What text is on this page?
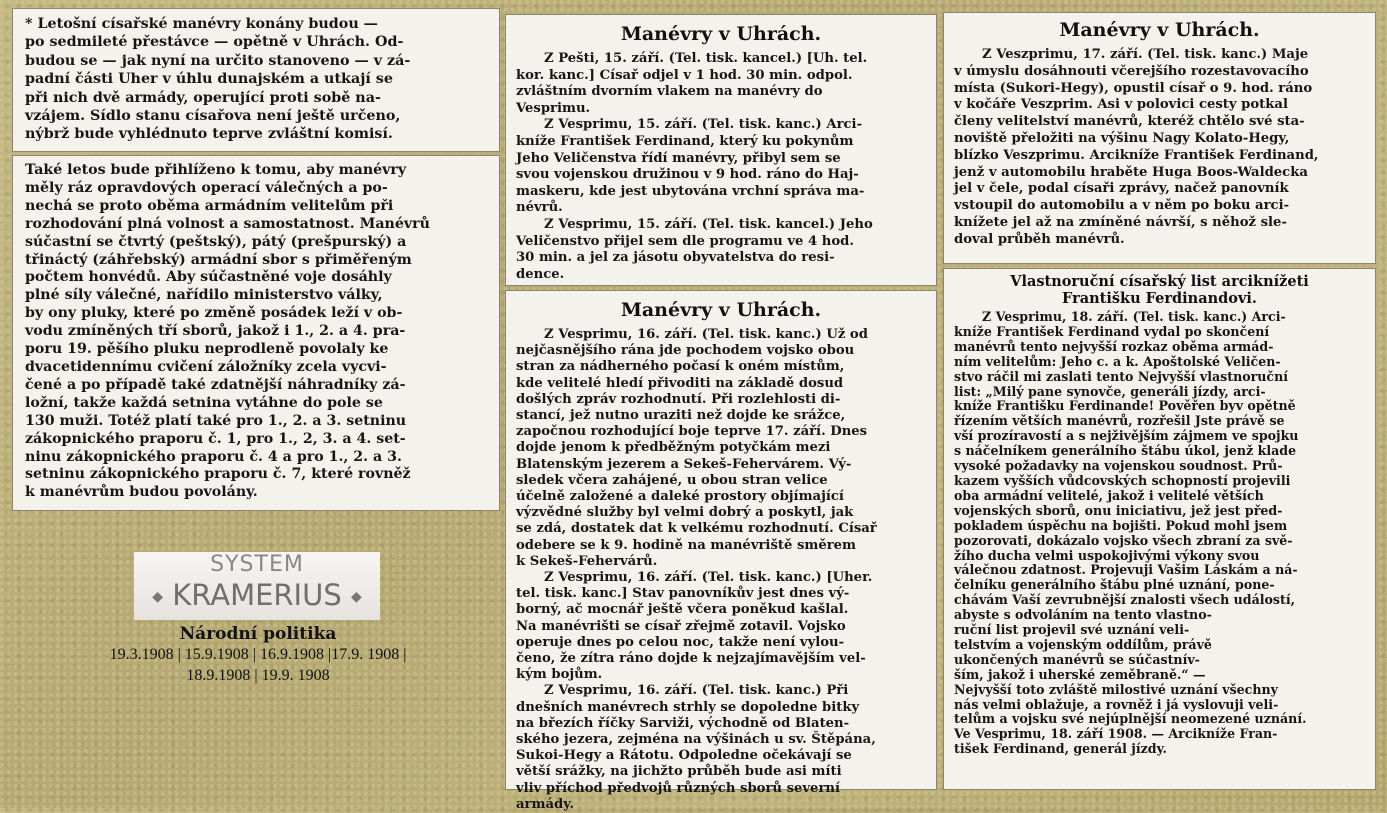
* Letošní císařské manévry konány budou —
po sedmileté přestávce — opětně v Uhrách. Od-
budou se — jak nyní na určito stanoveno — v zá-
padní části Uher v úhlu dunajském a utkají se
při nich dvě armády, operující proti sobě na-
vzájem. Sídlo stanu císařova není ještě určeno,
nýbrž bude vyhlédnuto teprve zvláštní komisí.

Také letos bude přihlíženo k tomu, aby manévry
měly ráz opravdových operací válečných a po-
nechá se proto oběma armádním velitelům při
rozhodování plná volnost a samostatnost. Manévrů
súčastní se čtvrtý (peštský), pátý (prešpurský) a
třináctý (záhřebský) armádní sbor s přiměřeným
počtem honvédů. Aby súčastněné voje dosáhly
plné síly válečné, nařídilo ministerstvo války,
by ony pluky, které po změně posádek leží v ob-
vodu zmíněných tří sborů, jakož i 1., 2. a 4. pra-
poru 19. pěšího pluku neprodleně povolaly ke
dvacetidennímu cvičení záložníky zcela vycvi-
čené a po případě také zdatnější náhradníky zá-
ložní, takže každá setnina vytáhne do pole se
130 muži. Totéž platí také pro 1., 2. a 3. setninu
zákopnického praporu č. 1, pro 1., 2, 3. a 4. set-
ninu zákopnického praporu č. 4 a pro 1., 2. a 3.
setninu zákopnického praporu č. 7, které rovněž
k manévrům budou povolány.

Manévry v Uhrách.

Z Pešti, 15. září. (Tel. tisk. kancel.) [Uh. tel.
kor. kanc.] Císař odjel v 1 hod. 30 min. odpol.
zvláštním dvorním vlakem na manévry do
Vesprimu.

Z Vesprimu, 15. září. (Tel. tisk. kanc.) Arci-
kníže František Ferdinand, který ku pokynům
Jeho Veličenstva řídí manévry, přibyl sem se
svou vojenskou družinou v 9 hod. ráno do Haj-
maskeru, kde jest ubytována vrchní správa ma-
névrů.

Z Vesprimu, 15. září. (Tel. tisk. kancel.) Jeho
Veličenstvo přijel sem dle programu ve 4 hod.
30 min. a jel za jásotu obyvatelstva do resi-
dence.

Manévry v Uhrách.

Z Vesprimu, 16. září. (Tel. tisk. kanc.) Už od
nejčasnějšího rána jde pochodem vojsko obou
stran za nádherného počasí k oném místům,
kde velitelé hledí přivoditi na základě dosud
došlých zpráv rozhodnutí. Při rozlehlosti di-
stancí, jež nutno uraziti než dojde ke srážce,
započnou rozhodující boje teprve 17. září. Dnes
dojde jenom k předběžným potyčkám mezi
Blatenským jezerem a Sekeš-Fehervárem. Vý-
sledek včera zahájené, u obou stran velice
účelně založené a daleké prostory objímající
výzvědné služby byl velmi dobrý a poskytl, jak
se zdá, dostatek dat k velkému rozhodnutí. Císař
odebere se k 9. hodině na manévriště směrem
k Sekeš-Fehervárů.

Z Vesprimu, 16. září. (Tel. tisk. kanc.) [Uher.
tel. tisk. kanc.] Stav panovníkův jest dnes vý-
borný, ač mocnář ještě včera poněkud kašlal.
Na manévrišti se císař zřejmě zotavil. Vojsko
operuje dnes po celou noc, takže není vylou-
čeno, že zítra ráno dojde k nejzajímavějším vel-
kým bojům.

Z Vesprimu, 16. září. (Tel. tisk. kanc.) Při
dnešních manévrech strhly se dopoledne bitky
na březích říčky Sarviži, východně od Blaten-
ského jezera, zejména na výšinách u sv. Štěpána,
Sukoi-Hegy a Rátotu. Odpoledne očekávají se
větší srážky, na jichžto průběh bude asi míti
vliv příchod předvojů různých sborů severní
armády.

Manévry v Uhrách.

Z Veszprimu, 17. září. (Tel. tisk. kanc.) Maje
v úmyslu dosáhnouti včerejšího rozestavovacího
místa (Sukori-Hegy), opustil císař o 9. hod. ráno
v kočáře Veszprim. Asi v polovici cesty potkal
členy velitelství manévrů, kteréž chtělo své sta-
noviště přeložiti na výšinu Nagy Kolato-Hegy,
blízko Veszprimu. Arcikníže František Ferdinand,
jenž v automobilu hraběte Huga Boos-Waldecka
jel v čele, podal císaři zprávy, načež panovník
vstoupil do automobilu a v něm po boku arci-
knížete jel až na zmíněné návrší, s něhož sle-
doval průběh manévrů.

Vlastnoruční císařský list arciknížeti
Františku Ferdinandovi.

Z Vesprimu, 18. září. (Tel. tisk. kanc.) Arci-
kníže František Ferdinand vydal po skončení
manévrů tento nejvyšší rozkaz oběma armád-
ním velitelům: Jeho c. a k. Apoštolské Veličen-
stvo ráčil mi zaslati tento Nejvyšší vlastnoruční
list: „Milý pane synovče, generáli jízdy, arci-
kníže Františku Ferdinande! Pověřen byv opětně
řízením větších manévrů, rozřešil Jste právě se
vší prozíravostí a s nejživějším zájmem ve spojku
s náčelníkem generálního štábu úkol, jenž klade
vysoké požadavky na vojenskou soudnost. Prů-
kazem vyšších vůdcovských schopností projevili
oba armádní velitelé, jakož i velitelé větších
vojenských sborů, onu iniciativu, jež jest před-
pokladem úspěchu na bojišti. Pokud mohl jsem
pozorovati, dokázalo vojsko všech zbraní za svě-
žího ducha velmi uspokojivými výkony svou
válečnou zdatnost. Projevuji Vašim Láskám a ná-
čelníku generálního štábu plné uznání, pone-
chávám Vaší zevrubnější znalosti všech událostí,
abyste s odvoláním na tento vlastno-
ruční list projevil své uznání veli-
telstvím a vojenským oddílům, právě
ukončených manévrů se súčastnív-
ším, jakož i uherské zeměbraně.“ —
Nejvyšší toto zvláště milostivé uznání všechny
nás velmi oblažuje, a rovněž i já vyslovuji veli-
telům a vojsku své nejúplnější neomezené uznání.
Ve Vesprimu, 18. září 1908. — Arcikníže Fran-
tišek Ferdinand, generál jízdy.

SYSTEM
◆ KRAMERIUS ◆
Národní politika
19.3.1908 | 15.9.1908 | 16.9.1908 |17.9. 1908 |
18.9.1908 | 19.9. 1908
